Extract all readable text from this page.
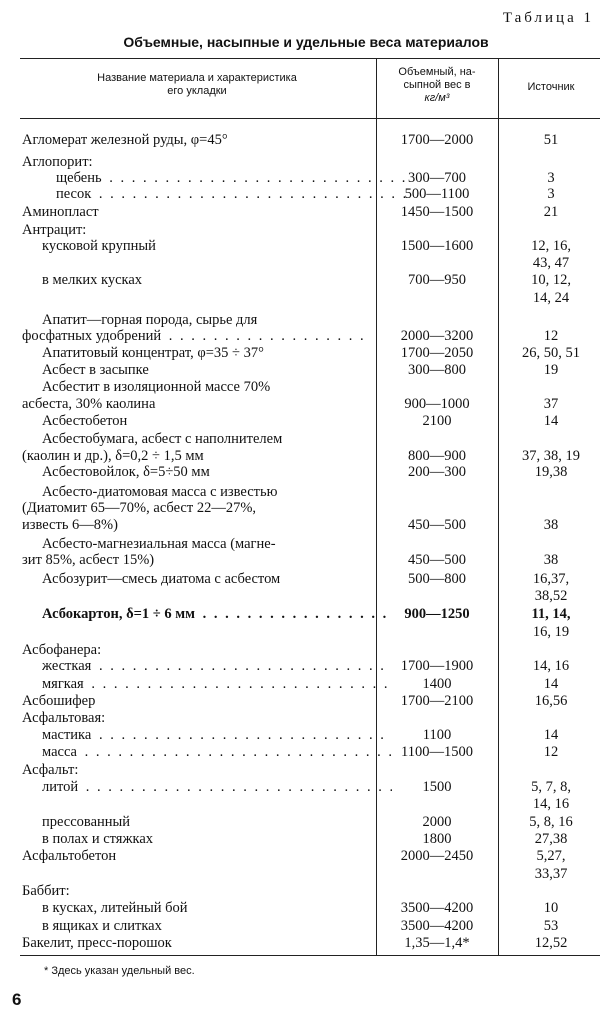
Таблица 1
Объемные, насыпные и удельные веса материалов
Название материала и характеристика
его укладки
Объемный, на-
сыпной вес в
кг/м³
Источник
Агломерат железной руды, φ=45°	1700—2000	51
Аглопорит:
щебень . . .	300—700	3
песок . . .	500—1100	3
Аминопласт	1450—1500	21
Антрацит:
кусковой крупный	1500—1600	12, 16,
43, 47
в мелких кусках	700—950	10, 12,
14, 24
Апатит—горная порода, сырье для
фосфатных удобрений . . .	2000—3200	12
Апатитовый концентрат, φ=35 ÷ 37°	1700—2050	26, 50, 51
Асбест в засыпке	300—800	19
Асбестит в изоляционной массе 70%
асбеста, 30% каолина	900—1000	37
Асбестобетон	2100	14
Асбестобумага, асбест с наполнителем
(каолин и др.), δ=0,2 ÷ 1,5 мм	800—900	37, 38, 19
Асбестовойлок, δ=5÷50 мм	200—300	19,38
Асбесто-диатомовая масса с известью
(Диатомит 65—70%, асбест 22—27%,
известь 6—8%)	450—500	38
Асбесто-магнезиальная масса (магне-
зит 85%, асбест 15%)	450—500	38
Асбозурит—смесь диатома с асбестом	500—800	16,37,
38,52
Асбокартон, δ=1 ÷ 6 мм . . .	900—1250	11, 14,
16, 19
Асбофанера:
жесткая . . .	1700—1900	14, 16
мягкая . . .	1400	14
Асбошифер	1700—2100	16,56
Асфальтовая:
мастика . . .	1100	14
масса . . .	1100—1500	12
Асфальт:
литой . . .	1500	5, 7, 8,
14, 16
прессованный	2000	5, 8, 16
в полах и стяжках	1800	27,38
Асфальтобетон	2000—2450	5,27,
33,37
Баббит:
в кусках, литейный бой	3500—4200	10
в ящиках и слитках	3500—4200	53
Бакелит, пресс-порошок	1,35—1,4*	12,52
* Здесь указан удельный вес.
6
